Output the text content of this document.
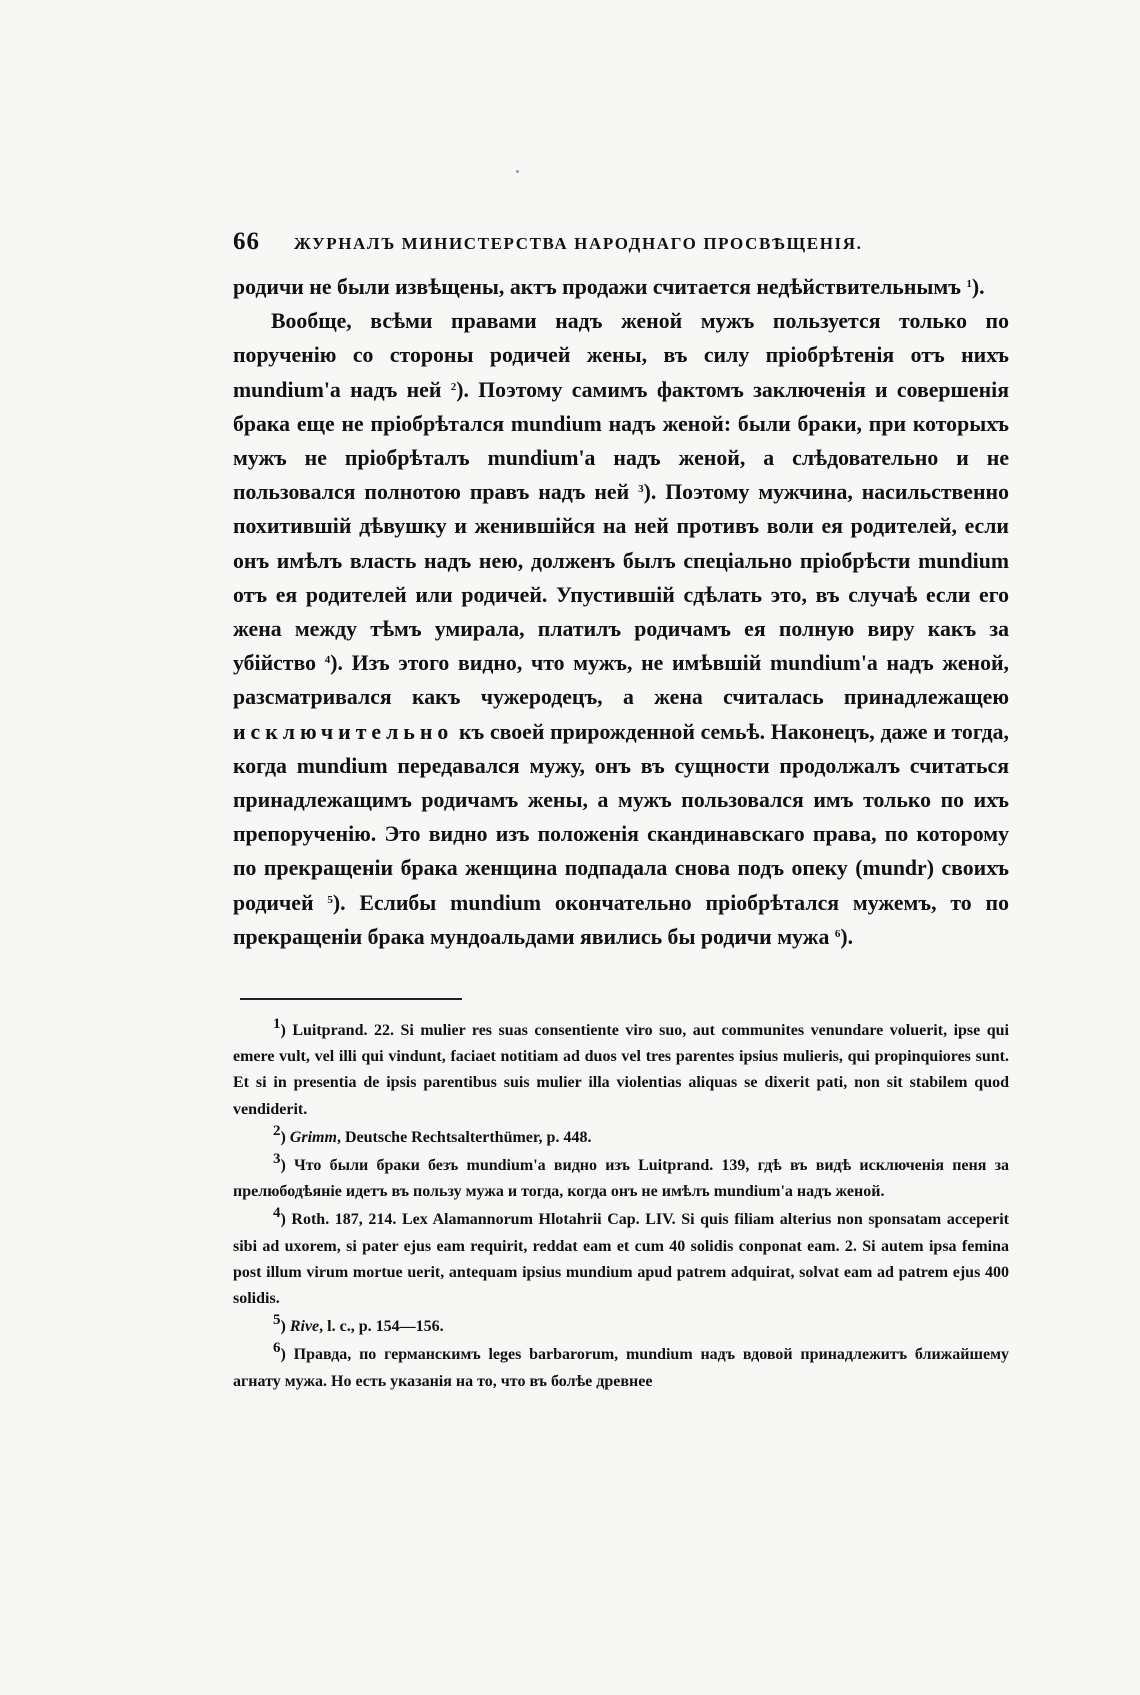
66 ЖУРНАЛЪ МИНИСТЕРСТВА НАРОДНАГО ПРОСВѢЩЕНІЯ.

родичи не были извѣщены, актъ продажи считается недѣйствительнымъ $^1$).

Вообще, всѣми правами надъ женой мужъ пользуется только по порученію со стороны родичей жены, въ силу пріобрѣтенія отъ нихъ mundium'а надъ ней $^2$). Поэтому самимъ фактомъ заключенія и совершенія брака еще не пріобрѣтался mundium надъ женой: были браки, при которыхъ мужъ не пріобрѣталъ mundium'а надъ женой, а слѣдовательно и не пользовался полнотою правъ надъ ней $^3$). Поэтому мужчина, насильственно похитившій дѣвушку и женившійся на ней противъ воли ея родителей, если онъ имѣлъ власть надъ нею, долженъ былъ спеціально пріобрѣсти mundium отъ ея родителей или родичей. Упустившій сдѣлать это, въ случаѣ если его жена между тѣмъ умирала, платилъ родичамъ ея полную виру какъ за убійство $^4$). Изъ этого видно, что мужъ, не имѣвшій mundium'а надъ женой, разсматривался какъ чужеродецъ, а жена считалась принадлежащею исключительно къ своей прирожденной семьѣ. Наконецъ, даже и тогда, когда mundium передавался мужу, онъ въ сущности продолжалъ считаться принадлежащимъ родичамъ жены, а мужъ пользовался имъ только по ихъ препорученію. Это видно изъ положенія скандинавскаго права, по которому по прекращеніи брака женщина подпадала снова подъ опеку (mundr) своихъ родичей $^5$). Еслибы mundium окончательно пріобрѣтался мужемъ, то по прекращеніи брака мундоальдами явились бы родичи мужа $^6$).

$^1$) Luitprand. 22. Si mulier res suas consentiente viro suo, aut communites venundare voluerit, ipse qui emere vult, vel illi qui vindunt, faciaet notitiam ad duos vel tres parentes ipsius mulieris, qui propinquiores sunt. Et si in presentia de ipsis parentibus suis mulier illa violentias aliquas se dixerit pati, non sit stabilem quod vendiderit.

$^2$) Grimm, Deutsche Rechtsalterthümer, p. 448.

$^3$) Что были браки безъ mundium'а видно изъ Luitprand. 139, гдѣ въ видѣ исключенія пеня за прелюбодѣяніе идетъ въ пользу мужа и тогда, когда онъ не имѣлъ mundium'а надъ женой.

$^4$) Roth. 187, 214. Lex Alamannorum Hlotahrii Cap. LIV. Si quis filiam alterius non sponsatam acceperit sibi ad uxorem, si pater ejus eam requirit, reddat eam et cum 40 solidis conponat eam. 2. Si autem ipsa femina post illum virum mortue uerit, antequam ipsius mundium apud patrem adquirat, solvat eam ad patrem ejus 400 solidis.

$^5$) Rive, l. c., p. 154—156.

$^6$) Правда, по германскимъ leges barbarorum, mundium надъ вдовой принадлежитъ ближайшему агнату мужа. Но есть указанія на то, что въ болѣе древнее
